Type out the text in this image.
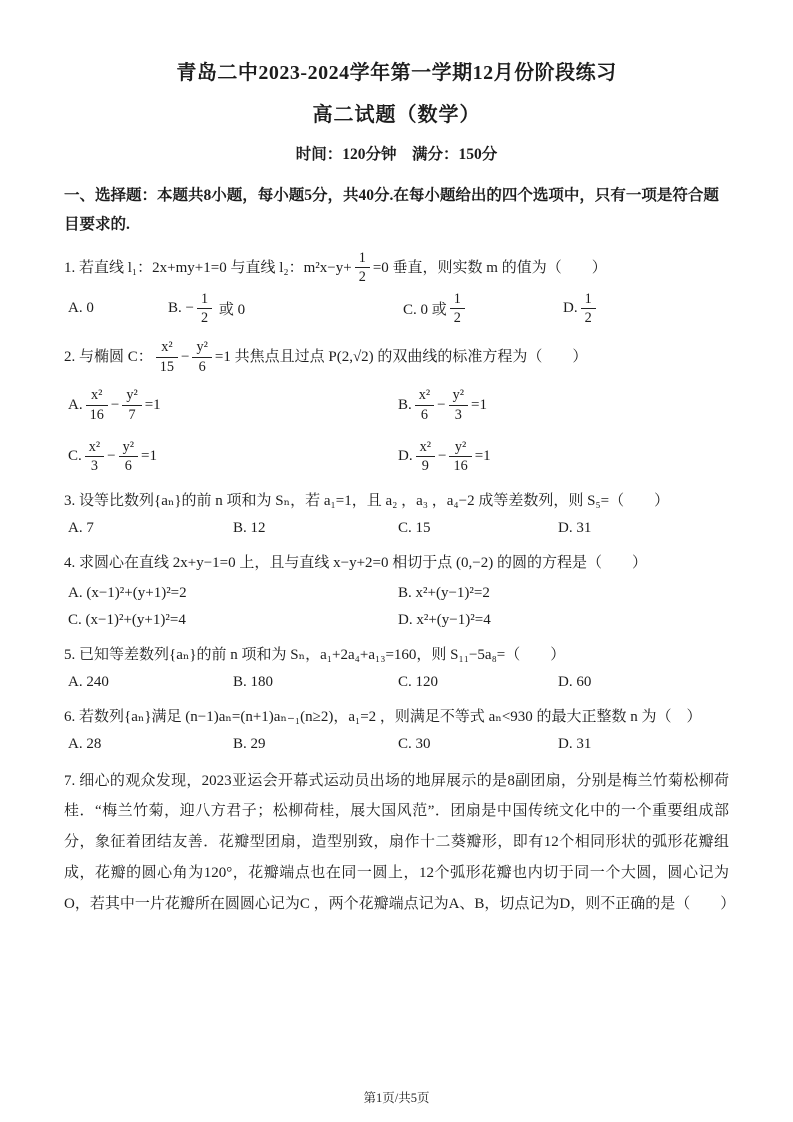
青岛二中2023-2024学年第一学期12月份阶段练习
高二试题（数学）
时间：120分钟　满分：150分
一、选择题：本题共8小题，每小题5分，共40分.在每小题给出的四个选项中，只有一项是符合题目要求的.
1. 若直线 l₁：2x+my+1=0 与直线 l₂：$m^2x-y+ \frac{1}{2} =0$ 垂直，则实数 m 的值为（　　）
A. 0	B. − $\frac{1}{2}$ 或 0	C. 0 或 $\frac{1}{2}$	D. $\frac{1}{2}$
2. 与椭圆 C： $\frac{\text{x²}}{15} - \frac{\text{y²}}{6} =1$ 共焦点且过点 P(2,√2) 的双曲线的标准方程为（　　）
A. $\frac{\text{x²}}{16} - \frac{\text{y²}}{7} =1$	B. $\frac{\text{x²}}{6} - \frac{\text{y²}}{3} =1$
C. $\frac{\text{x²}}{3} - \frac{\text{y²}}{6} =1$	D. $\frac{\text{x²}}{9} - \frac{\text{y²}}{16} =1$
3. 设等比数列{aₙ}的前 n 项和为 Sₙ，若 a₁=1，且 a₂ ，a₃ ，a₄−2 成等差数列，则 S₅=（　　）
A. 7	B. 12	C. 15	D. 31
4. 求圆心在直线 2x+y−1=0 上，且与直线 x−y+2=0 相切于点 (0,−2) 的圆的方程是（　　）
A. (x−1)²+(y+1)²=2	B. x²+(y−1)²=2
C. (x−1)²+(y+1)²=4	D. x²+(y−1)²=4
5. 已知等差数列{aₙ}的前 n 项和为 Sₙ，a₁+2a₄+a₁₃=160，则 S₁₁−5a₈=（　　）
A. 240	B. 180	C. 120	D. 60
6. 若数列{aₙ}满足 (n−1)aₙ=(n+1)aₙ₋₁(n≥2)，a₁=2 ，则满足不等式 aₙ<930 的最大正整数 n 为（　）
A. 28	B. 29	C. 30	D. 31
7. 细心的观众发现，2023亚运会开幕式运动员出场的地屏展示的是8副团扇，分别是梅兰竹菊松柳荷桂．“梅兰竹菊，迎八方君子；松柳荷桂，展大国风范”．团扇是中国传统文化中的一个重要组成部分，象征着团结友善．花瓣型团扇，造型别致，扇作十二葵瓣形，即有12个相同形状的弧形花瓣组成，花瓣的圆心角为120°，花瓣端点也在同一圆上，12个弧形花瓣也内切于同一个大圆，圆心记为O，若其中一片花瓣所在圆圆心记为C ，两个花瓣端点记为A、B，切点记为D，则不正确的是（　　）
第1页/共5页
